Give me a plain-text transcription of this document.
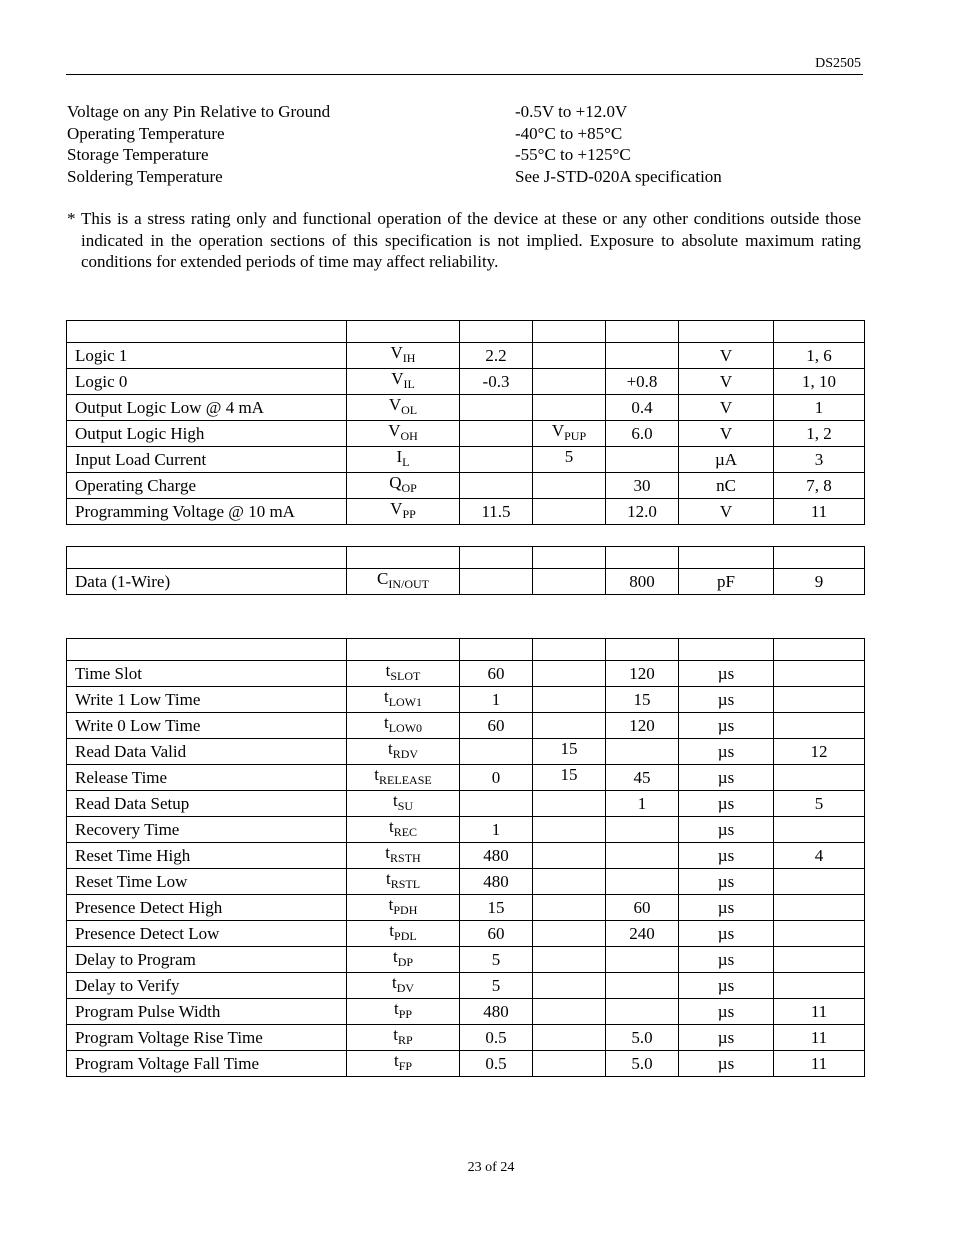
DS2505
Voltage on any Pin Relative to Ground	-0.5V to +12.0V
Operating Temperature	-40°C to +85°C
Storage Temperature	-55°C to +125°C
Soldering Temperature	See J-STD-020A specification
* This is a stress rating only and functional operation of the device at these or any other conditions outside those indicated in the operation sections of this specification is not implied. Exposure to absolute maximum rating conditions for extended periods of time may affect reliability.

Logic 1	$V_{IH}$	2.2			V	1, 6
Logic 0	$V_{IL}$	-0.3		+0.8	V	1, 10
Output Logic Low @ 4 mA	$V_{OL}$			0.4	V	1
Output Logic High	$V_{OH}$		$V_{PUP}$	6.0	V	1, 2
Input Load Current	$I_L$		5		µA	3
Operating Charge	$Q_{OP}$			30	nC	7, 8
Programming Voltage @ 10 mA	$V_{PP}$	11.5		12.0	V	11

Data (1-Wire)	$C_{IN/OUT}$			800	pF	9

Time Slot	$t_{SLOT}$	60		120	µs	
Write 1 Low Time	$t_{LOW1}$	1		15	µs	
Write 0 Low Time	$t_{LOW0}$	60		120	µs	
Read Data Valid	$t_{RDV}$		15		µs	12
Release Time	$t_{RELEASE}$	0	15	45	µs	
Read Data Setup	$t_{SU}$			1	µs	5
Recovery Time	$t_{REC}$	1			µs	
Reset Time High	$t_{RSTH}$	480			µs	4
Reset Time Low	$t_{RSTL}$	480			µs	
Presence Detect High	$t_{PDH}$	15		60	µs	
Presence Detect Low	$t_{PDL}$	60		240	µs	
Delay to Program	$t_{DP}$	5			µs	
Delay to Verify	$t_{DV}$	5			µs	
Program Pulse Width	$t_{PP}$	480			µs	11
Program Voltage Rise Time	$t_{RP}$	0.5		5.0	µs	11
Program Voltage Fall Time	$t_{FP}$	0.5		5.0	µs	11
23 of 24
